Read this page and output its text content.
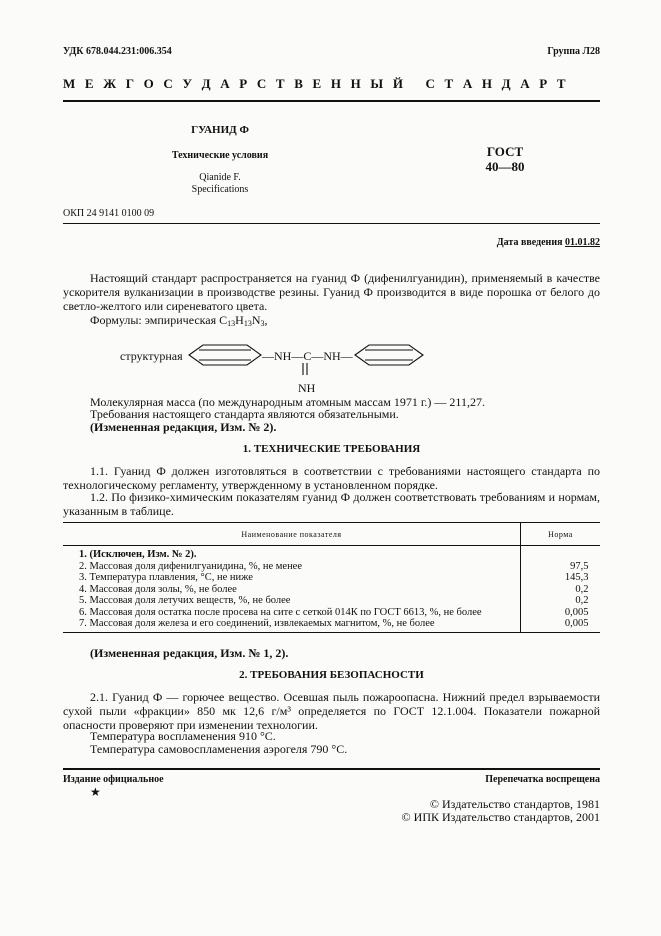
УДК 678.044.231:006.354	Группа Л28
М Е Ж Г О С У Д А Р С Т В Е Н Н Ы Й   С Т А Н Д А Р Т
ГУАНИД Ф
Технические условия
Qianide F.
Specifications
ГОСТ
40—80
ОКП 24 9141 0100 09
Дата введения 01.01.82
Настоящий стандарт распространяется на гуанид Ф (дифенилгуанидин), применяемый в качестве ускорителя вулканизации в производстве резины. Гуанид Ф производится в виде порошка от белого до светло-желтого или сиреневатого цвета.
Формулы: эмпирическая $C_{13}H_{13}N_3$,
структурная	—NH—C—NH—
NH
Молекулярная масса (по международным атомным массам 1971 г.) — 211,27.
Требования настоящего стандарта являются обязательными.
(Измененная редакция, Изм. № 2).
1. ТЕХНИЧЕСКИЕ ТРЕБОВАНИЯ
1.1. Гуанид Ф должен изготовляться в соответствии с требованиями настоящего стандарта по технологическому регламенту, утвержденному в установленном порядке.
1.2. По физико-химическим показателям гуанид Ф должен соответствовать требованиям и нормам, указанным в таблице.
Наименование показателя	Норма
1. (Исключен, Изм. № 2).	
2. Массовая доля дифенилгуанидина, %, не менее	97,5
3. Температура плавления, °С, не ниже	145,3
4. Массовая доля золы, %, не более	0,2
5. Массовая доля летучих веществ, %, не более	0,2
6. Массовая доля остатка после просева на сите с сеткой 014К по ГОСТ 6613, %, не более	0,005
7. Массовая доля железа и его соединений, извлекаемых магнитом, %, не более	0,005
(Измененная редакция, Изм. № 1, 2).
2. ТРЕБОВАНИЯ БЕЗОПАСНОСТИ
2.1. Гуанид Ф — горючее вещество. Осевшая пыль пожароопасна. Нижний предел взрываемости сухой пыли «фракции» 850 мк 12,6 г/м³ определяется по ГОСТ 12.1.004. Показатели пожарной опасности проверяют при изменении технологии.
Температура воспламенения 910 °С.
Температура самовоспламенения аэрогеля 790 °С.
Издание официальное	Перепечатка воспрещена
★
© Издательство стандартов, 1981
© ИПК Издательство стандартов, 2001
